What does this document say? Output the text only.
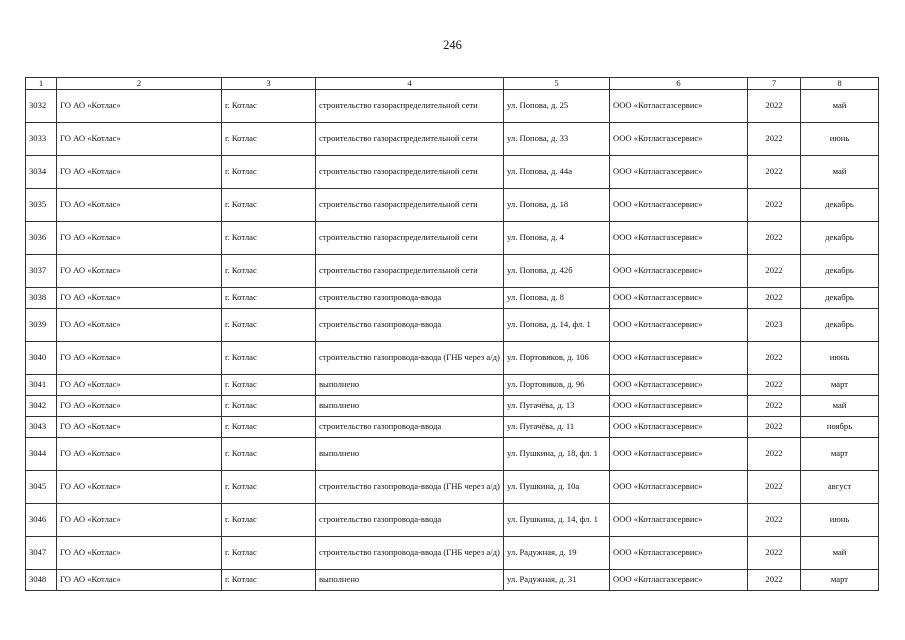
246
1	2	3	4	5	6	7	8
3032	ГО АО «Котлас»	г. Котлас	строительство газораспределительной сети	ул. Попова, д. 25	ООО «Котласгазсервис»	2022	май
3033	ГО АО «Котлас»	г. Котлас	строительство газораспределительной сети	ул. Попова, д. 33	ООО «Котласгазсервис»	2022	июнь
3034	ГО АО «Котлас»	г. Котлас	строительство газораспределительной сети	ул. Попова, д. 44а	ООО «Котласгазсервис»	2022	май
3035	ГО АО «Котлас»	г. Котлас	строительство газораспределительной сети	ул. Попова, д. 18	ООО «Котласгазсервис»	2022	декабрь
3036	ГО АО «Котлас»	г. Котлас	строительство газораспределительной сети	ул. Попова, д. 4	ООО «Котласгазсервис»	2022	декабрь
3037	ГО АО «Котлас»	г. Котлас	строительство газораспределительной сети	ул. Попова, д. 42б	ООО «Котласгазсервис»	2022	декабрь
3038	ГО АО «Котлас»	г. Котлас	строительство газопровода-ввода	ул. Попова, д. 8	ООО «Котласгазсервис»	2022	декабрь
3039	ГО АО «Котлас»	г. Котлас	строительство газопровода-ввода	ул. Попова, д. 14, фл. 1	ООО «Котласгазсервис»	2023	декабрь
3040	ГО АО «Котлас»	г. Котлас	строительство газопровода-ввода (ГНБ через а/д)	ул. Портовиков, д. 106	ООО «Котласгазсервис»	2022	июнь
3041	ГО АО «Котлас»	г. Котлас	выполнено	ул. Портовиков, д. 96	ООО «Котласгазсервис»	2022	март
3042	ГО АО «Котлас»	г. Котлас	выполнено	ул. Пугачёва, д. 13	ООО «Котласгазсервис»	2022	май
3043	ГО АО «Котлас»	г. Котлас	строительство газопровода-ввода	ул. Пугачёва, д. 11	ООО «Котласгазсервис»	2022	ноябрь
3044	ГО АО «Котлас»	г. Котлас	выполнено	ул. Пушкина, д. 18, фл. 1	ООО «Котласгазсервис»	2022	март
3045	ГО АО «Котлас»	г. Котлас	строительство газопровода-ввода (ГНБ через а/д)	ул. Пушкина, д. 10а	ООО «Котласгазсервис»	2022	август
3046	ГО АО «Котлас»	г. Котлас	строительство газопровода-ввода	ул. Пушкина, д. 14, фл. 1	ООО «Котласгазсервис»	2022	июнь
3047	ГО АО «Котлас»	г. Котлас	строительство газопровода-ввода (ГНБ через а/д)	ул. Радужная, д. 19	ООО «Котласгазсервис»	2022	май
3048	ГО АО «Котлас»	г. Котлас	выполнено	ул. Радужная, д. 31	ООО «Котласгазсервис»	2022	март
